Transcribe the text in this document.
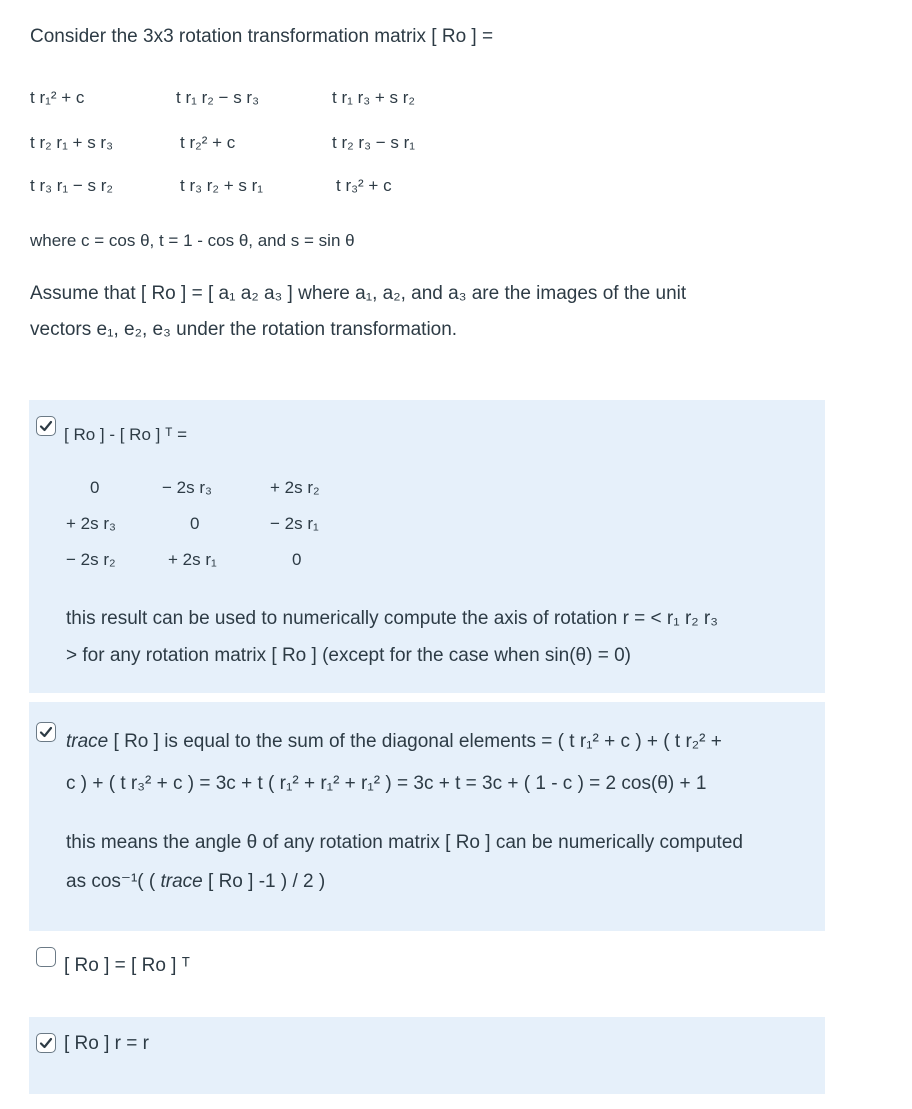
Consider the 3x3 rotation transformation matrix [ Ro ] =
t r₁² + c	t r₁ r₂ − s r₃	t r₁ r₃ + s r₂
t r₂ r₁ + s r₃	t r₂² + c	t r₂ r₃ − s r₁
t r₃ r₁ − s r₂	t r₃ r₂ + s r₁	t r₃² + c
where c = cos θ, t = 1 - cos θ, and s = sin θ
Assume that [ Ro ] = [ a₁ a₂ a₃ ] where a₁, a₂, and a₃ are the images of the unit
vectors e₁, e₂, e₃ under the rotation transformation.
[ Ro ] - [ Ro ] ᵀ =
0	− 2s r₃	+ 2s r₂
+ 2s r₃	0	− 2s r₁
− 2s r₂	+ 2s r₁	0
this result can be used to numerically compute the axis of rotation r = < r₁ r₂ r₃
> for any rotation matrix [ Ro ] (except for the case when sin(θ) = 0)
trace [ Ro ] is equal to the sum of the diagonal elements = ( t r₁² + c ) + ( t r₂² +
c ) + ( t r₃² + c ) = 3c + t ( r₁² + r₁² + r₁² ) = 3c + t = 3c + ( 1 - c ) = 2 cos(θ) + 1
this means the angle θ of any rotation matrix [ Ro ] can be numerically computed
as cos⁻¹( ( trace [ Ro ] -1 ) / 2 )
[ Ro ] = [ Ro ] ᵀ
[ Ro ] r = r
